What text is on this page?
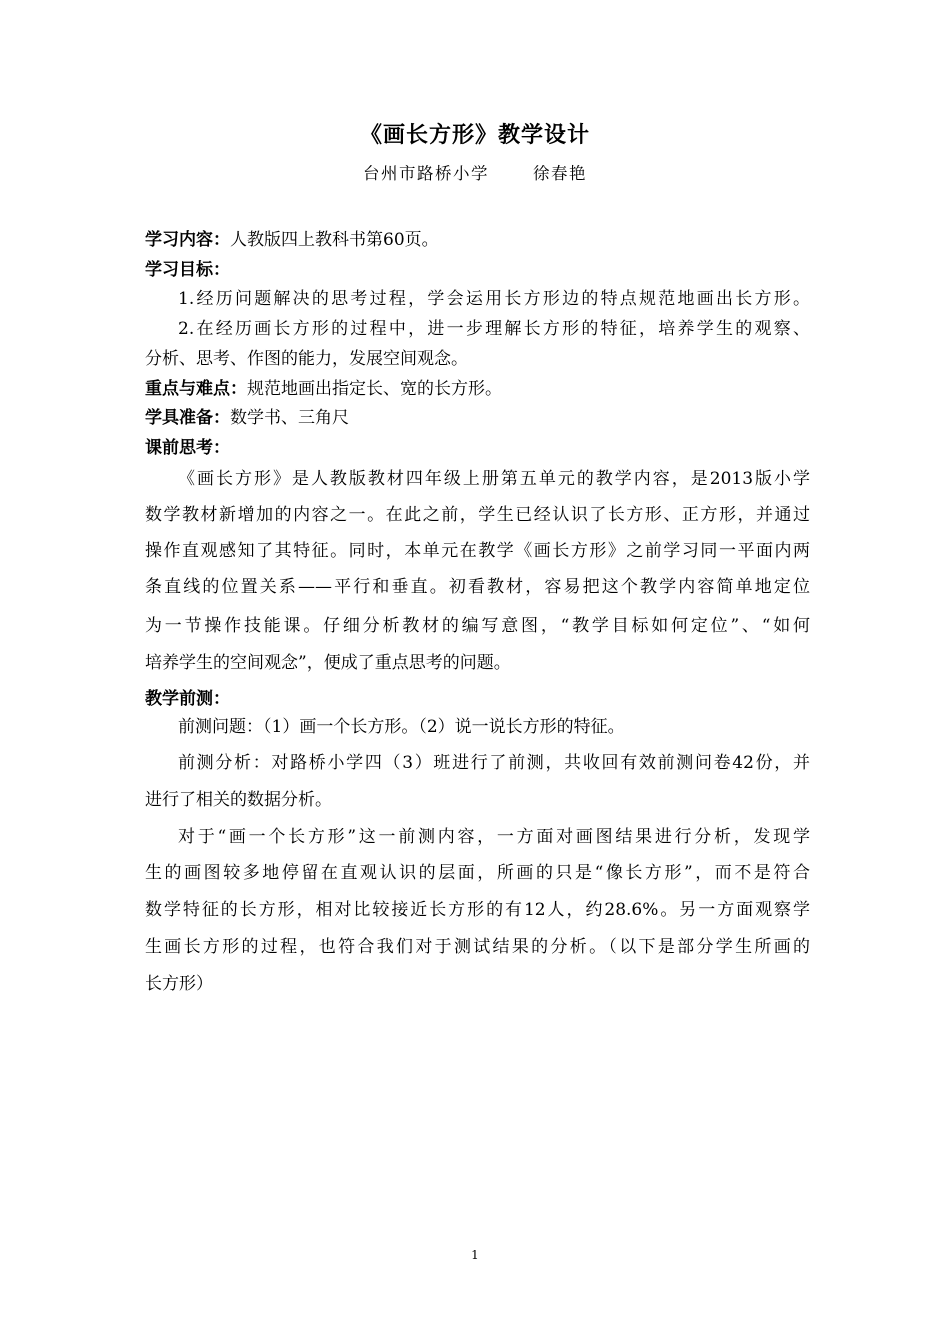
《画长方形》教学设计
台州市路桥小学	徐春艳
学习内容：人教版四上教科书第60页。
学习目标：
1.经历问题解决的思考过程，学会运用长方形边的特点规范地画出长方形。
2.在经历画长方形的过程中，进一步理解长方形的特征，培养学生的观察、
分析、思考、作图的能力，发展空间观念。
重点与难点：规范地画出指定长、宽的长方形。
学具准备：数学书、三角尺
课前思考：
《画长方形》是人教版教材四年级上册第五单元的教学内容，是2013版小学
数学教材新增加的内容之一。在此之前，学生已经认识了长方形、正方形，并通过
操作直观感知了其特征。同时，本单元在教学《画长方形》之前学习同一平面内两
条直线的位置关系——平行和垂直。初看教材，容易把这个教学内容简单地定位
为一节操作技能课。仔细分析教材的编写意图，“教学目标如何定位”、“如何
培养学生的空间观念”，便成了重点思考的问题。
教学前测：
前测问题：（1）画一个长方形。（2）说一说长方形的特征。
前测分析：对路桥小学四（3）班进行了前测，共收回有效前测问卷42份，并
进行了相关的数据分析。
对于“画一个长方形”这一前测内容，一方面对画图结果进行分析，发现学
生的画图较多地停留在直观认识的层面，所画的只是“像长方形”，而不是符合
数学特征的长方形，相对比较接近长方形的有12人，约28.6%。另一方面观察学
生画长方形的过程，也符合我们对于测试结果的分析。（以下是部分学生所画的
长方形）
1
